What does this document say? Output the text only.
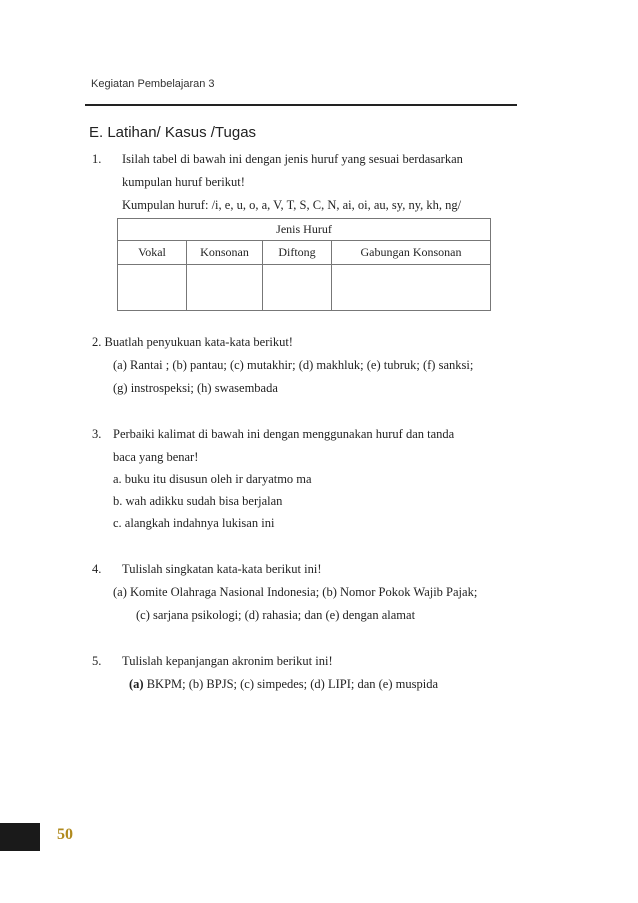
Kegiatan Pembelajaran 3
E. Latihan/ Kasus /Tugas
1. Isilah tabel di bawah ini dengan jenis huruf yang sesuai berdasarkan
kumpulan huruf berikut!
Kumpulan huruf: /i, e, u, o, a, V, T, S, C, N, ai, oi, au, sy, ny, kh, ng/
Jenis Huruf			
Vokal	Konsonan	Diftong	Gabungan Konsonan

2. Buatlah penyukuan kata-kata berikut!
(a) Rantai ; (b) pantau; (c) mutakhir; (d) makhluk; (e) tubruk; (f) sanksi;
(g) instrospeksi; (h) swasembada
3. Perbaiki kalimat di bawah ini dengan menggunakan huruf dan tanda
baca yang benar!
a. buku itu disusun oleh ir daryatmo ma
b. wah adikku sudah bisa berjalan
c. alangkah indahnya lukisan ini
4. Tulislah singkatan kata-kata berikut ini!
(a) Komite Olahraga Nasional Indonesia; (b) Nomor Pokok Wajib Pajak;
(c) sarjana psikologi; (d) rahasia; dan (e) dengan alamat
5. Tulislah kepanjangan akronim berikut ini!
(a) BKPM; (b) BPJS; (c) simpedes; (d) LIPI; dan (e) muspida
50
